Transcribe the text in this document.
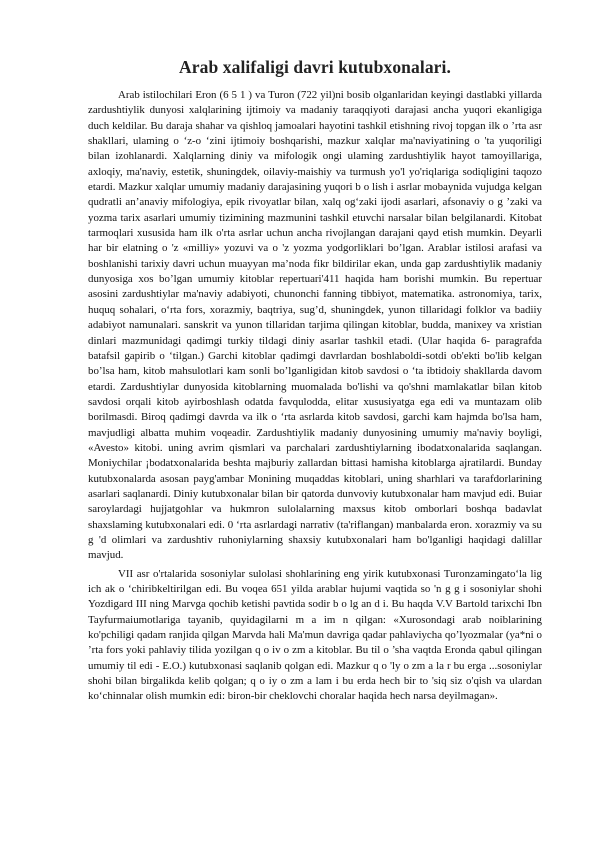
Arab xalifaligi davri kutubxonalari.

Arab istilochilari Eron (6 5 1 ) va Turon (722 yil)ni bosib olganlaridan keyingi dastlabki yillarda zardushtiylik dunyosi xalqlarining ijtimoiy va madaniy taraqqiyoti darajasi ancha yuqori ekanligiga duch keldilar. Bu daraja shahar va qishloq jamoalari hayotini tashkil etishning rivoj topgan ilk o ’rta asr shakllari, ulaming o ‘z-o ‘zini ijtimoiy boshqarishi, mazkur xalqlar ma'naviyatining o 'ta yuqoriligi bilan izohlanardi. Xalqlarning diniy va mifologik ongi ulaming zardushtiylik hayot tamoyillariga, axloqiy, ma'naviy, estetik, shuningdek, oilaviy-maishiy va turmush yo'l yo'riqlariga sodiqligini taqozo etardi. Mazkur xalqlar umumiy madaniy darajasining yuqori b o lish i asrlar mobaynida vujudga kelgan qudratli an’anaviy mifologiya, epik rivoyatlar bilan, xalq og‘zaki ijodi asarlari, afsonaviy o g ’zaki va yozma tarix asarlari umumiy tizimining mazmunini tashkil etuvchi narsalar bilan belgilanardi. Kitobat tarmoqlari xususida ham ilk o'rta asrlar uchun ancha rivojlangan darajani qayd etish mumkin. Deyarli har bir elatning o 'z «milliy» yozuvi va o 'z yozma yodgorliklari bo’lgan. Arablar istilosi arafasi va boshlanishi tarixiy davri uchun muayyan ma’noda fikr bildirilar ekan, unda gap zardushtiylik madaniy dunyosiga xos bo’lgan umumiy kitoblar repertuari'411 haqida ham borishi mumkin. Bu repertuar asosini zardushtiylar ma'naviy adabiyoti, chunonchi fanning tibbiyot, matematika. astronomiya, tarix, huquq sohalari, o‘rta fors, xorazmiy, baqtriya, sug’d, shuningdek, yunon tillaridagi folklor va badiiy adabiyot namunalari. sanskrit va yunon tillaridan tarjima qilingan kitoblar, budda, manixey va xristian dinlari mazmunidagi qadimgi turkiy tildagi diniy asarlar tashkil etadi. (Ular haqida 6- paragrafda batafsil gapirib o ‘tilgan.) Garchi kitoblar qadimgi davrlardan boshlaboldi-sotdi ob'ekti bo'lib kelgan bo’lsa ham, kitob mahsulotlari kam sonli bo’lganligidan kitob savdosi o ‘ta ibtidoiy shakllarda davom etardi. Zardushtiylar dunyosida kitoblarning muomalada bo'lishi va qo'shni mamlakatlar bilan kitob savdosi orqali kitob ayirboshlash odatda favqulodda, elitar xususiyatga ega edi va muntazam olib borilmasdi. Biroq qadimgi davrda va ilk o ‘rta asrlarda kitob savdosi, garchi kam hajmda bo'lsa ham, mavjudligi albatta muhim voqeadir. Zardushtiylik madaniy dunyosining umumiy ma'naviy boyligi, «Avesto» kitobi. uning avrim qismlari va parchalari zardushtiylarning ibodatxonalarida saqlangan. Moniychilar ¡bodatxonalarida beshta majburiy zallardan bittasi hamisha kitoblarga ajratilardi. Bunday kutubxonalarda asosan payg'ambar Monining muqaddas kitoblari, uning sharhlari va tarafdorlarining asarlari saqlanardi. Diniy kutubxonalar bilan bir qatorda dunvoviy kutubxonalar ham mavjud edi. Buiar saroylardagi hujjatgohlar va hukmron sulolalarning maxsus kitob omborlari boshqa badavlat shaxslaming kutubxonalari edi. 0 ‘rta asrlardagi narrativ (ta'riflangan) manbalarda eron. xorazmiy va su g 'd olimlari va zardushtiv ruhoniylarning shaxsiy kutubxonalari ham bo'lganligi haqidagi dalillar mavjud.

VII asr o'rtalarida sosoniylar sulolasi shohlarining eng yirik kutubxonasi Turonzamingato‘la lig ich ak o ‘chiribkeltirilgan edi. Bu voqea 651 yilda arablar hujumi vaqtida so 'n g g i sosoniylar shohi Yozdigard III ning Marvga qochib ketishi pavtida sodir b o lg an d i. Bu haqda V.V Bartold tarixchi Ibn Tayfurmaiumotlariga tayanib, quyidagilarni m a im n qilgan: «Xurosondagi arab noiblarining ko'pchiligi qadam ranjida qilgan Marvda hali Ma'mun davriga qadar pahlaviycha qo’lyozmalar (ya*ni o ’rta fors yoki pahlaviy tilida yozilgan q o iv o zm a kitoblar. Bu til o ’sha vaqtda Eronda qabul qilingan umumiy til edi - E.O.) kutubxonasi saqlanib qolgan edi. Mazkur q o 'ly o zm a la r bu erga ...sosoniylar shohi bilan birgalikda kelib qolgan; q o iy o zm a lam i bu erda hech bir to 'siq siz o'qish va ulardan ko‘chinnalar olish mumkin edi: biron-bir cheklovchi choralar haqida hech narsa deyilmagan».
